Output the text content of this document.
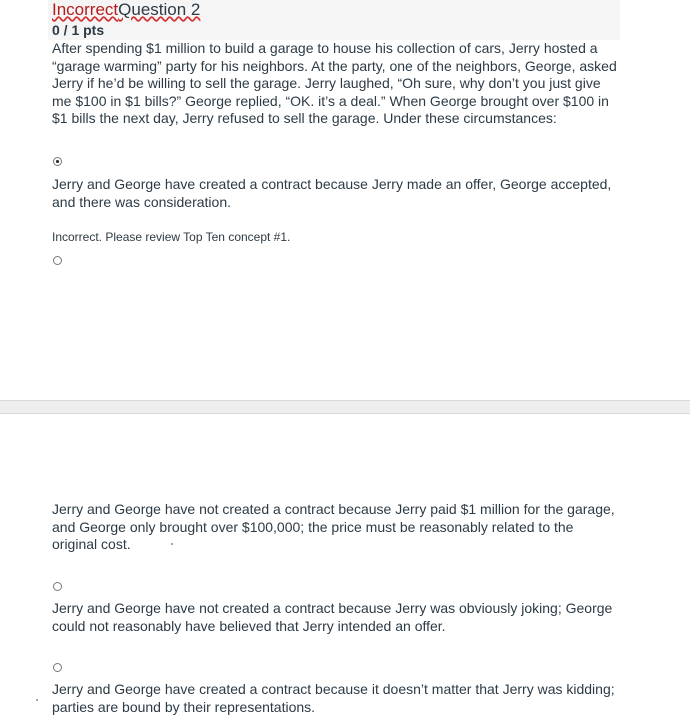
IncorrectQuestion 2
0 / 1 pts
After spending $1 million to build a garage to house his collection of cars, Jerry hosted a “garage warming” party for his neighbors. At the party, one of the neighbors, George, asked Jerry if he’d be willing to sell the garage. Jerry laughed, “Oh sure, why don’t you just give me $100 in $1 bills?” George replied, “OK. it’s a deal.” When George brought over $100 in $1 bills the next day, Jerry refused to sell the garage. Under these circumstances:
Jerry and George have created a contract because Jerry made an offer, George accepted, and there was consideration.
Incorrect. Please review Top Ten concept #1.
Jerry and George have not created a contract because Jerry paid $1 million for the garage, and George only brought over $100,000; the price must be reasonably related to the original cost.
Jerry and George have not created a contract because Jerry was obviously joking; George could not reasonably have believed that Jerry intended an offer.
Jerry and George have created a contract because it doesn’t matter that Jerry was kidding; parties are bound by their representations.
